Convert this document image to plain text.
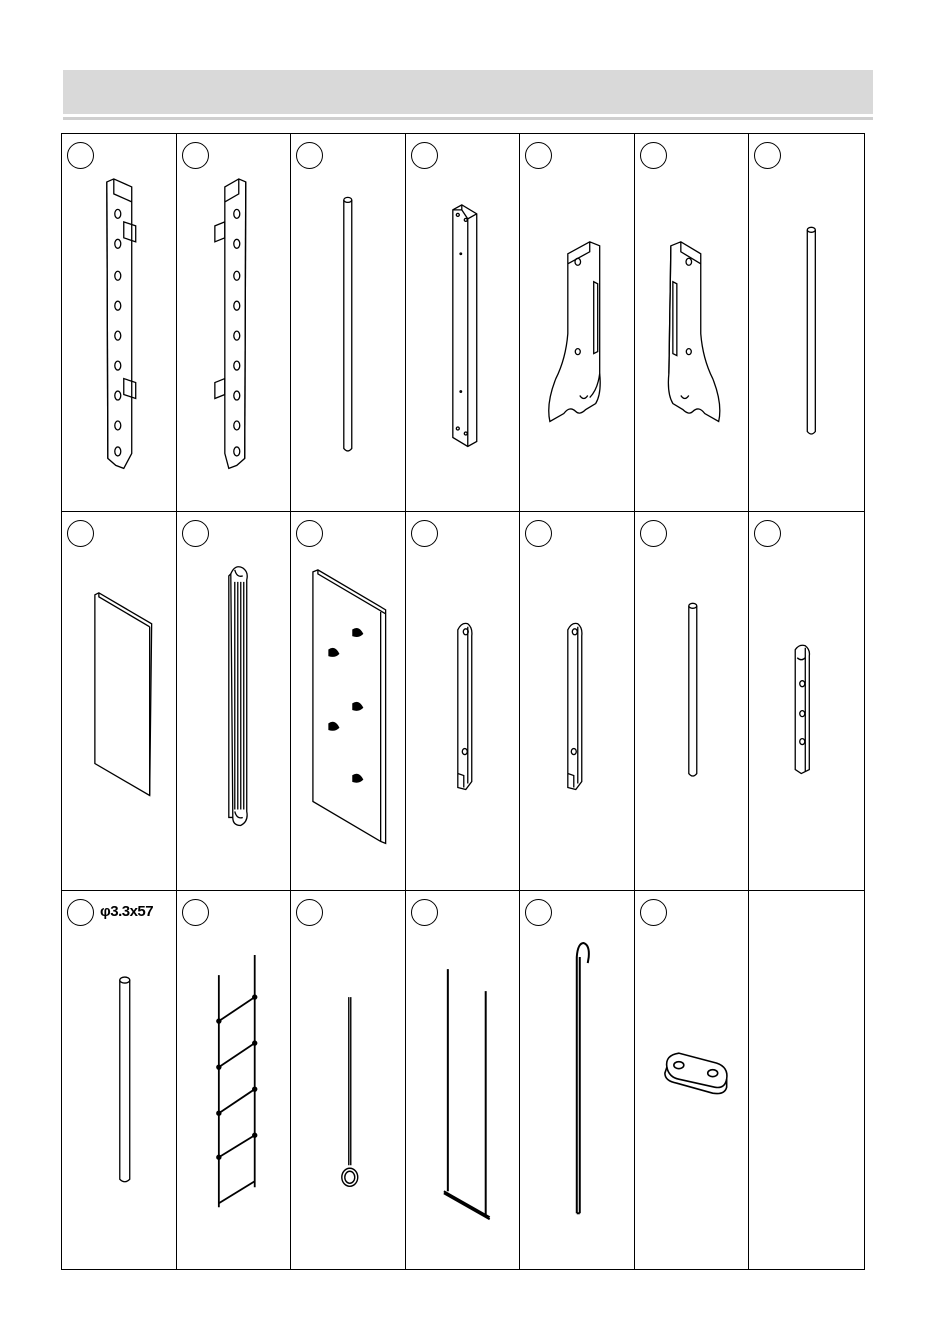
φ3.3x57
